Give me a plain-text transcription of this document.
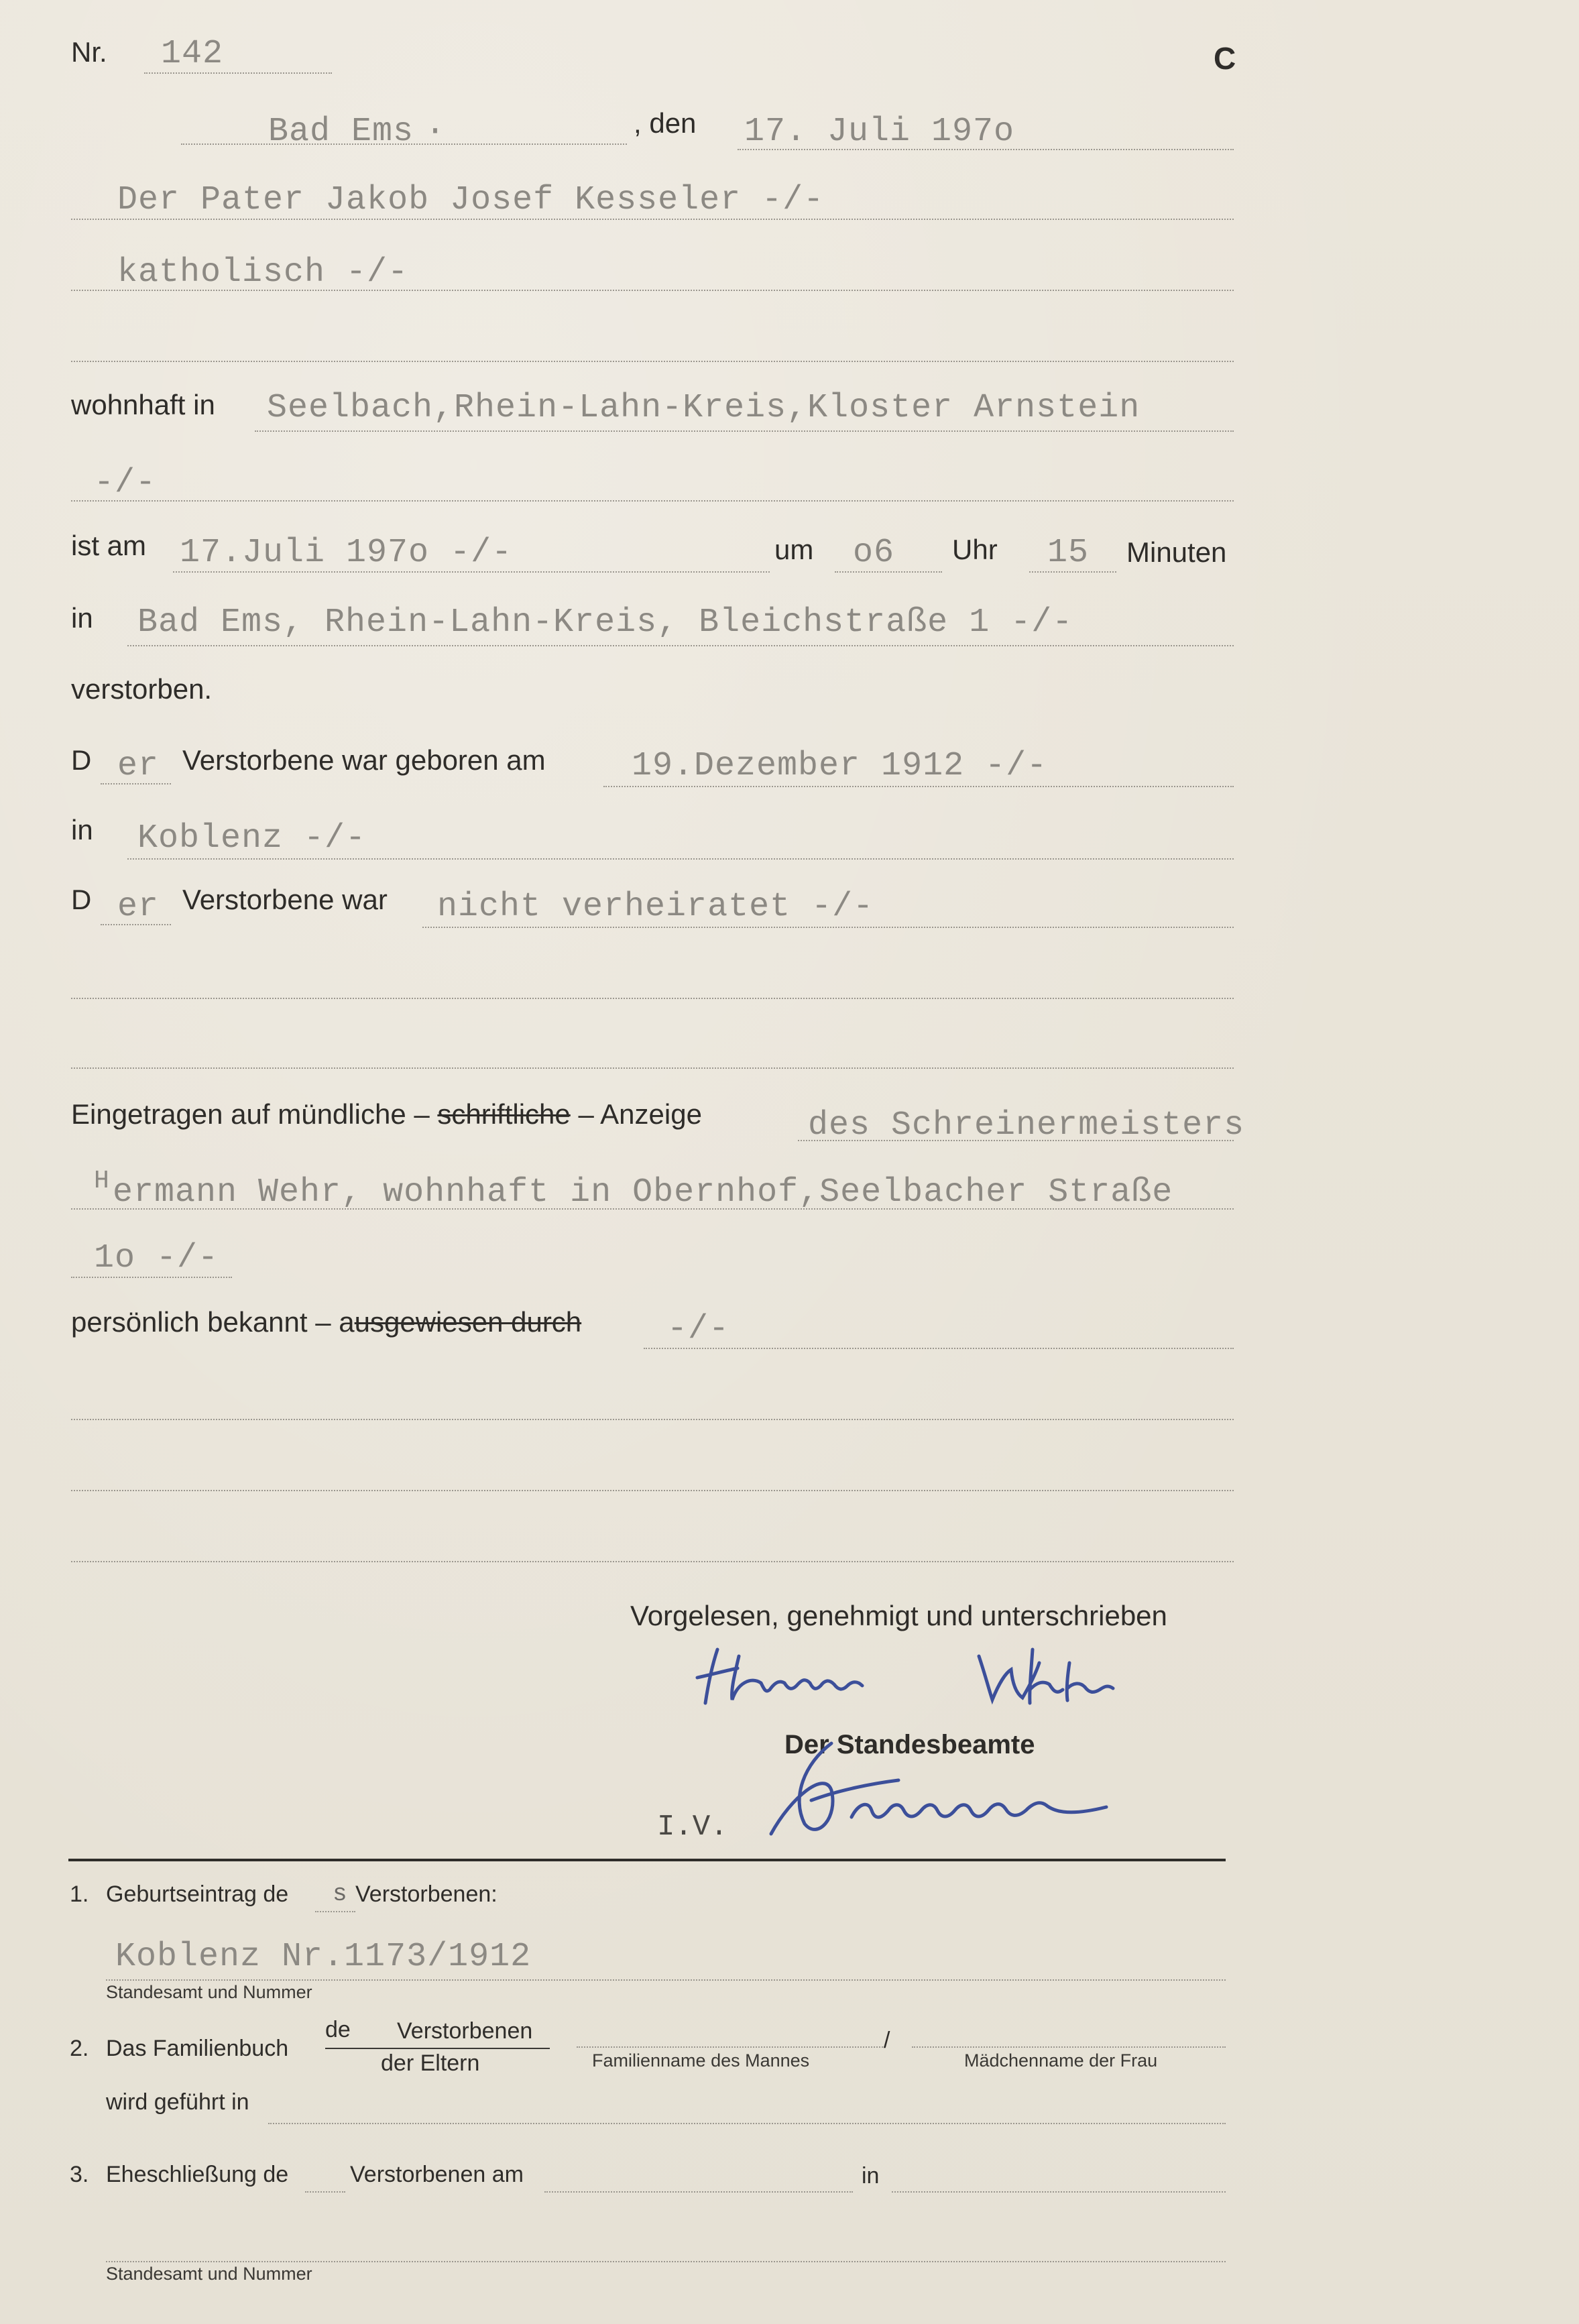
Nr. 142	C
Bad Ems ·	, den 17. Juli 197o
Der Pater Jakob Josef Kesseler -/-
katholisch -/-
wohnhaft in Seelbach,Rhein-Lahn-Kreis,Kloster Arnstein
-/-
ist am 17.Juli 197o -/-	um o6 Uhr 15 Minuten
in Bad Ems, Rhein-Lahn-Kreis, Bleichstraße 1 -/-
verstorben.
D er Verstorbene war geboren am	19.Dezember 1912 -/-
in Koblenz -/-
D er Verstorbene war nicht verheiratet -/-
Eingetragen auf mündliche – schriftliche – Anzeige	des Schreinermeisters
H ermann Wehr, wohnhaft in Obernhof,Seelbacher Straße
1o -/-
persönlich bekannt – ausgewiesen durch	-/-
Vorgelesen, genehmigt und unterschrieben
Der Standesbeamte
I.V.
1. Geburtseintrag de s Verstorbenen:
Koblenz Nr.1173/1912
Standesamt und Nummer
2. Das Familienbuch
de Verstorbenen
der Eltern	Familienname des Mannes
/
Mädchenname der Frau
wird geführt in
3. Eheschließung de	Verstorbenen am	in
Standesamt und Nummer
